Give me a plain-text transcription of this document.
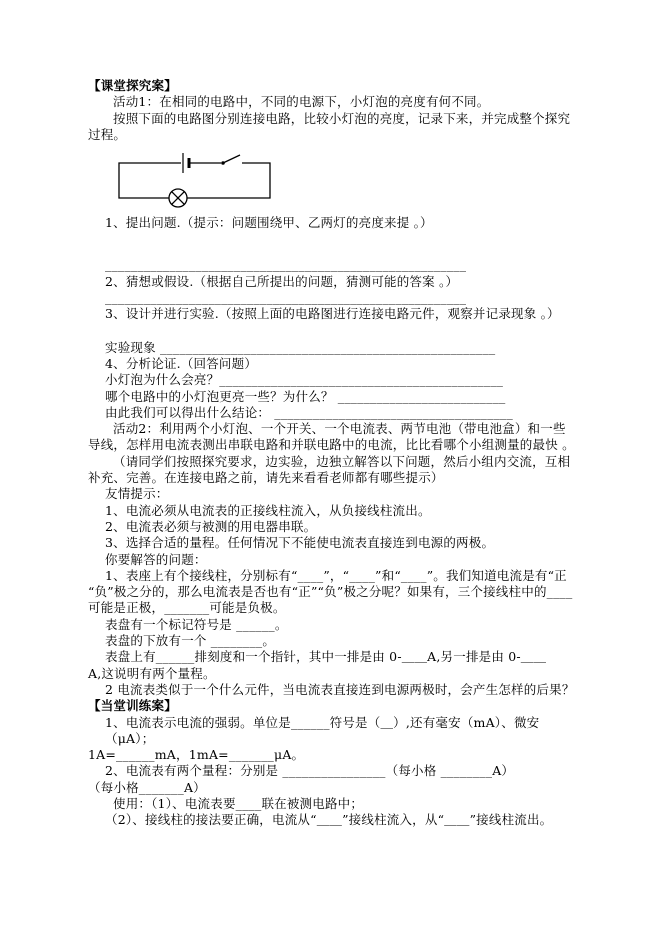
【课堂探究案】
活动1：在相同的电路中，不同的电源下，小灯泡的亮度有何不同。
按照下面的电路图分别连接电路，比较小灯泡的亮度，记录下来，并完成整个探究
过程。
1、提出问题.（提示：问题围绕甲、乙两灯的亮度来提 。）
________________________________________________________
2、猜想或假设.（根据自己所提出的问题，猜测可能的答案 。）
________________________________________________________
3、设计并进行实验.（按照上面的电路图进行连接电路元件，观察并记录现象 。）
实验现象 ____________________________________________________
4、分析论证.（回答问题）
小灯泡为什么会亮？____________________________________________
哪个电路中的小灯泡更亮一些？为什么？ __________________________
由此我们可以得出什么结论： _____________________________________
活动2：利用两个小灯泡、一个开关、一个电流表、两节电池（带电池盒）和一些
导线，怎样用电流表测出串联电路和并联电路中的电流，比比看哪个小组测量的最快 。
（请同学们按照探究要求，边实验，边独立解答以下问题，然后小组内交流，互相
补充、完善。在连接电路之前，请先来看看老师都有哪些提示）
友情提示：
1、电流必须从电流表的正接线柱流入，从负接线柱流出。
2、电流表必须与被测的用电器串联。
3、选择合适的量程。任何情况下不能使电流表直接连到电源的两极。
你要解答的问题：
1、表座上有个接线柱，分别标有“____”，“____”和“____”。我们知道电流是有“正
“负”极之分的，那么电流表是否也有“正”“负”极之分呢？如果有，三个接线柱中的____
可能是正极，_______可能是负极。
表盘有一个标记符号是 ______。
表盘的下放有一个 ________。
表盘上有______排刻度和一个指针，其中一排是由 0-＿＿A,另一排是由 0-＿＿
A,这说明有两个量程。
2 电流表类似于一个什么元件，当电流表直接连到电源两极时，会产生怎样的后果？
【当堂训练案】
1、电流表示电流的强弱。单位是______符号是（＿）,还有毫安（mA）、微安（μA）；
1A=______mA，1mA=_______μA。
2、电流表有两个量程：分别是 ________________（每小格 ________A）
（每小格_______A）
使用：（1）、电流表要____联在被测电路中；
（2）、接线柱的接法要正确，电流从“＿＿”接线柱流入，从“＿＿”接线柱流出。
